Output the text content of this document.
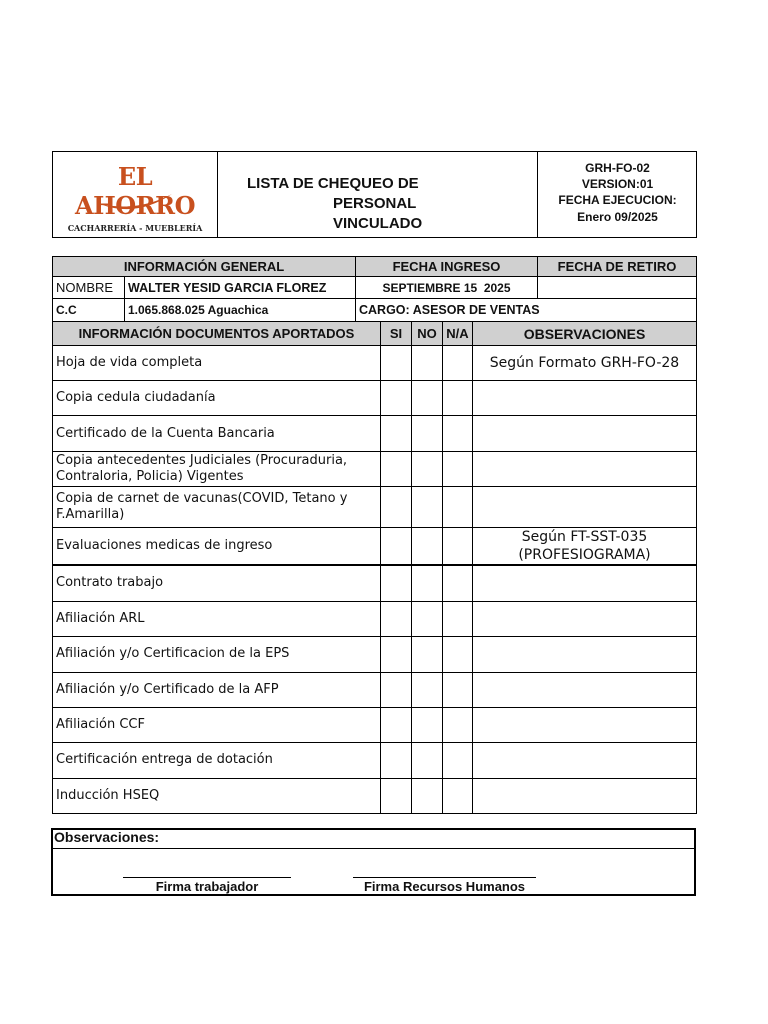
EL AHORRO
CACHARRERÍA - MUEBLERÍA
LISTA DE CHEQUEO DE
PERSONAL
VINCULADO
GRH-FO-02
VERSION:01
FECHA EJECUCION:
Enero 09/2025
INFORMACIÓN GENERAL	FECHA INGRESO	FECHA DE RETIRO
NOMBRE	WALTER YESID GARCIA FLOREZ	SEPTIEMBRE 15  2025
C.C	1.065.868.025 Aguachica	CARGO: ASESOR DE VENTAS
INFORMACIÓN DOCUMENTOS APORTADOS	SI	NO N/A	OBSERVACIONES
Hoja de vida completa				Según Formato GRH-FO-28
Copia cedula ciudadanía				
Certificado de la Cuenta Bancaria				
Copia antecedentes Judiciales (Procuraduria, Contraloria, Policia) Vigentes				
Copia de carnet de vacunas(COVID, Tetano y F.Amarilla)				
Evaluaciones medicas de ingreso				Según FT-SST-035 (PROFESIOGRAMA)
Contrato trabajo				
Afiliación ARL				
Afiliación y/o Certificacion de la EPS				
Afiliación y/o Certificado de la AFP				
Afiliación CCF				
Certificación entrega de dotación				
Inducción HSEQ				
Observaciones:
Firma trabajador	Firma Recursos Humanos
